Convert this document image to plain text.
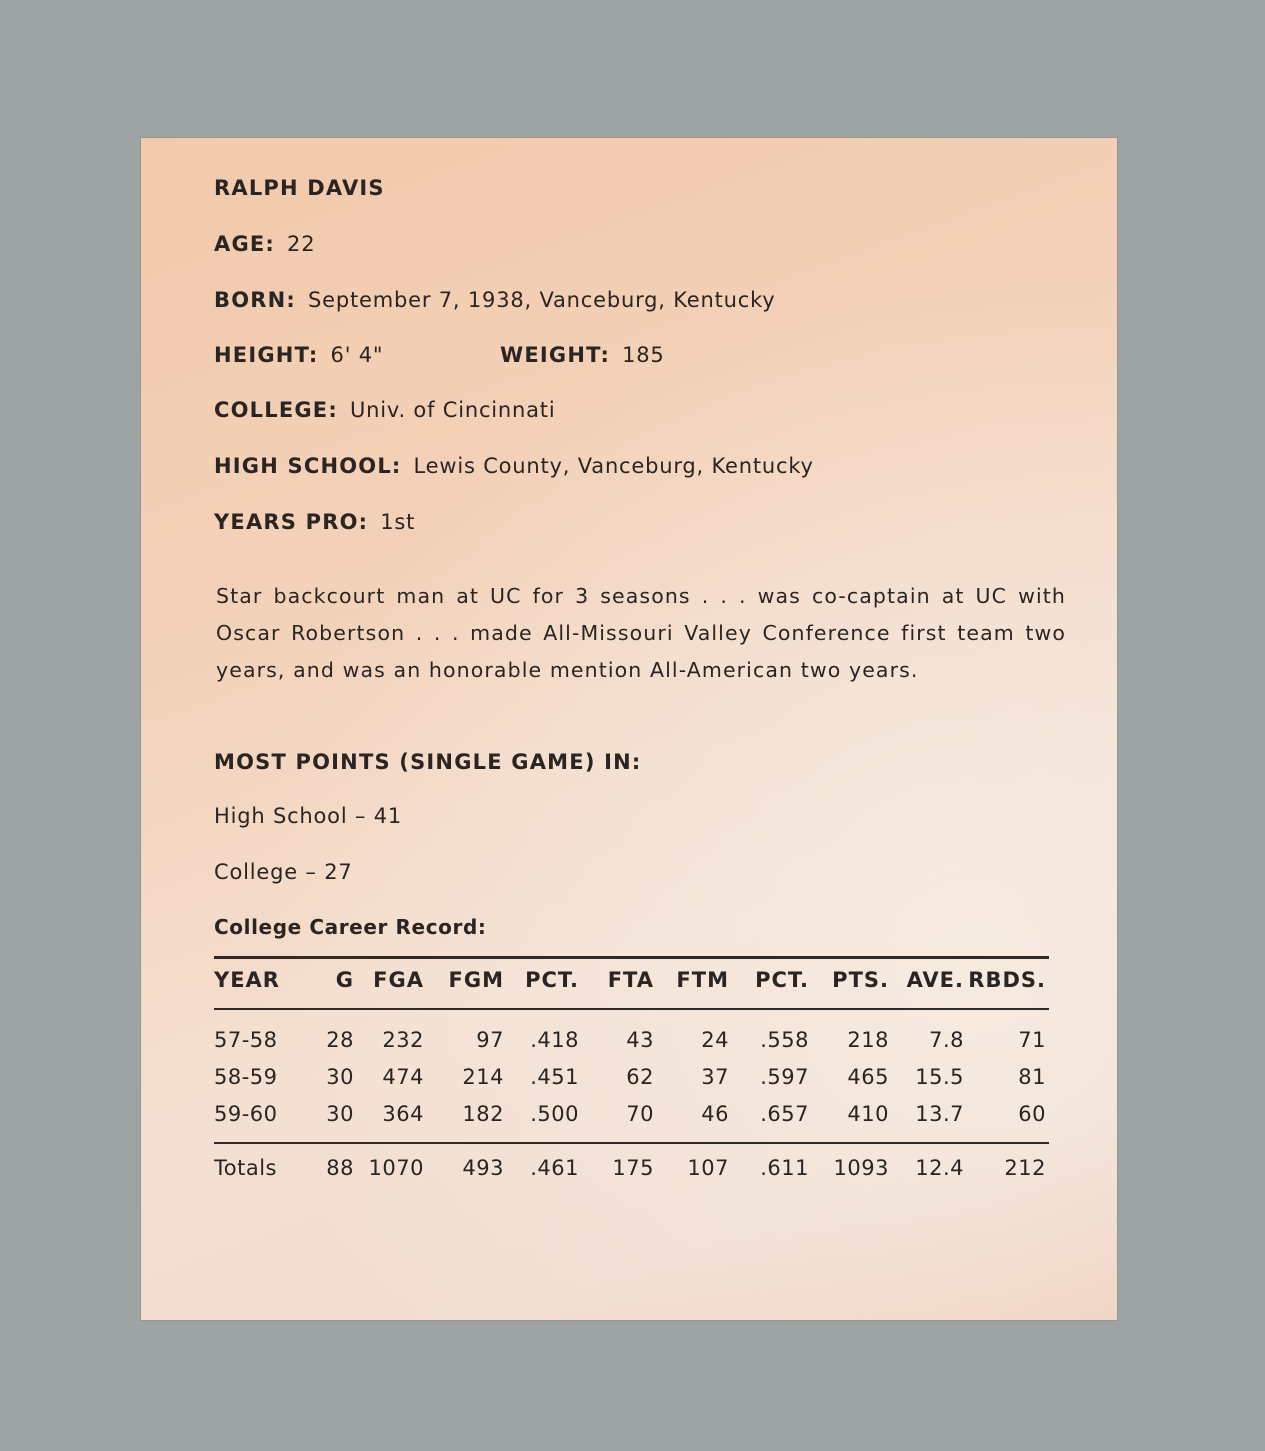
RALPH DAVIS
AGE: 22
BORN: September 7, 1938, Vanceburg, Kentucky
HEIGHT: 6' 4"	WEIGHT: 185
COLLEGE: Univ. of Cincinnati
HIGH SCHOOL: Lewis County, Vanceburg, Kentucky
YEARS PRO: 1st
Star backcourt man at UC for 3 seasons . . . was co-captain at UC with Oscar Robertson . . . made All-Missouri Valley Conference first team two years, and was an honorable mention All-American two years.
MOST POINTS (SINGLE GAME) IN:
High School – 41
College – 27
College Career Record:
YEAR	G FGA FGM PCT. FTA FTM PCT. PTS. AVE. RBDS.
57-58 28 232 97 .418 43 24 .558 218 7.8	71
58-59 30 474 214 .451 62 37 .597 465 15.5	81
59-60 30 364 182 .500 70 46 .657 410 13.7	60
Totals 88 1070 493 .461 175 107 .611 1093 12.4 212
